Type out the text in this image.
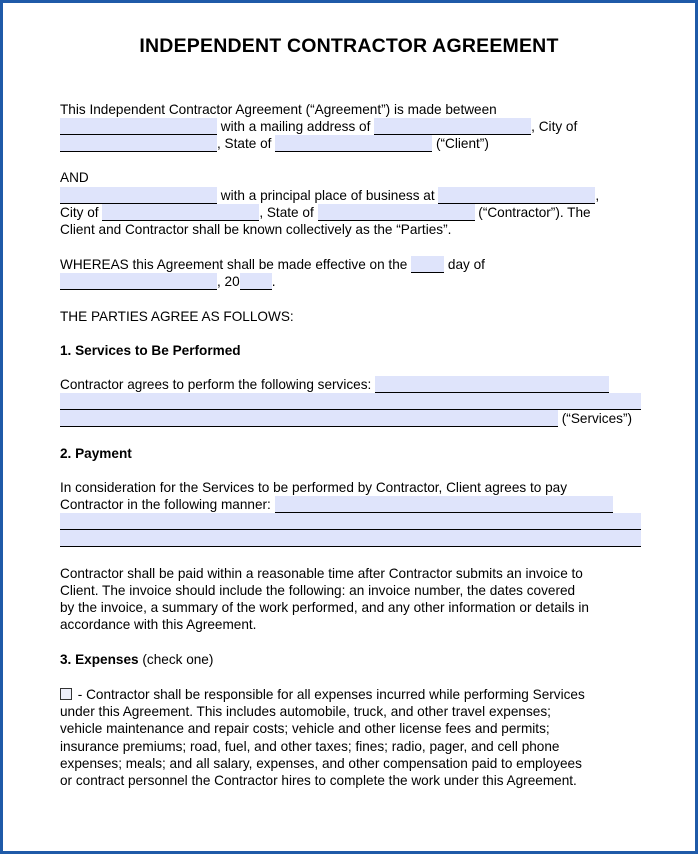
INDEPENDENT CONTRACTOR AGREEMENT
This Independent Contractor Agreement (“Agreement”) is made between
with a mailing address of	, City of
, State of	(“Client”)
AND
with a principal place of business at	,
City of	, State of	(“Contractor”). The
Client and Contractor shall be known collectively as the “Parties”.
WHEREAS this Agreement shall be made effective on the	day of
, 20 .
THE PARTIES AGREE AS FOLLOWS:
1. Services to Be Performed
Contractor agrees to perform the following services:
(“Services”)
2. Payment
In consideration for the Services to be performed by Contractor, Client agrees to pay
Contractor in the following manner:
Contractor shall be paid within a reasonable time after Contractor submits an invoice to
Client. The invoice should include the following: an invoice number, the dates covered
by the invoice, a summary of the work performed, and any other information or details in
accordance with this Agreement.
3. Expenses (check one)
- Contractor shall be responsible for all expenses incurred while performing Services
under this Agreement. This includes automobile, truck, and other travel expenses;
vehicle maintenance and repair costs; vehicle and other license fees and permits;
insurance premiums; road, fuel, and other taxes; fines; radio, pager, and cell phone
expenses; meals; and all salary, expenses, and other compensation paid to employees
or contract personnel the Contractor hires to complete the work under this Agreement.
